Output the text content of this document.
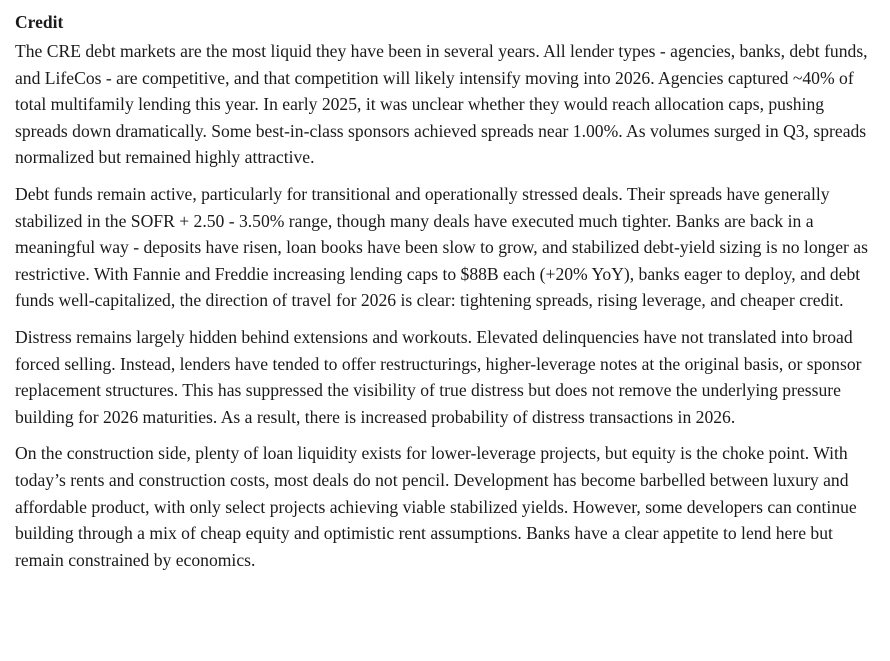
Credit

The CRE debt markets are the most liquid they have been in several years. All lender types - agencies, banks, debt funds, and LifeCos - are competitive, and that competition will likely intensify moving into 2026. Agencies captured ~40% of total multifamily lending this year. In early 2025, it was unclear whether they would reach allocation caps, pushing spreads down dramatically. Some best-in-class sponsors achieved spreads near 1.00%. As volumes surged in Q3, spreads normalized but remained highly attractive.

Debt funds remain active, particularly for transitional and operationally stressed deals. Their spreads have generally stabilized in the SOFR + 2.50 - 3.50% range, though many deals have executed much tighter. Banks are back in a meaningful way - deposits have risen, loan books have been slow to grow, and stabilized debt-yield sizing is no longer as restrictive. With Fannie and Freddie increasing lending caps to $88B each (+20% YoY), banks eager to deploy, and debt funds well-capitalized, the direction of travel for 2026 is clear: tightening spreads, rising leverage, and cheaper credit.

Distress remains largely hidden behind extensions and workouts. Elevated delinquencies have not translated into broad forced selling. Instead, lenders have tended to offer restructurings, higher-leverage notes at the original basis, or sponsor replacement structures. This has suppressed the visibility of true distress but does not remove the underlying pressure building for 2026 maturities. As a result, there is increased probability of distress transactions in 2026.

On the construction side, plenty of loan liquidity exists for lower-leverage projects, but equity is the choke point. With today’s rents and construction costs, most deals do not pencil. Development has become barbelled between luxury and affordable product, with only select projects achieving viable stabilized yields. However, some developers can continue building through a mix of cheap equity and optimistic rent assumptions. Banks have a clear appetite to lend here but remain constrained by economics.
